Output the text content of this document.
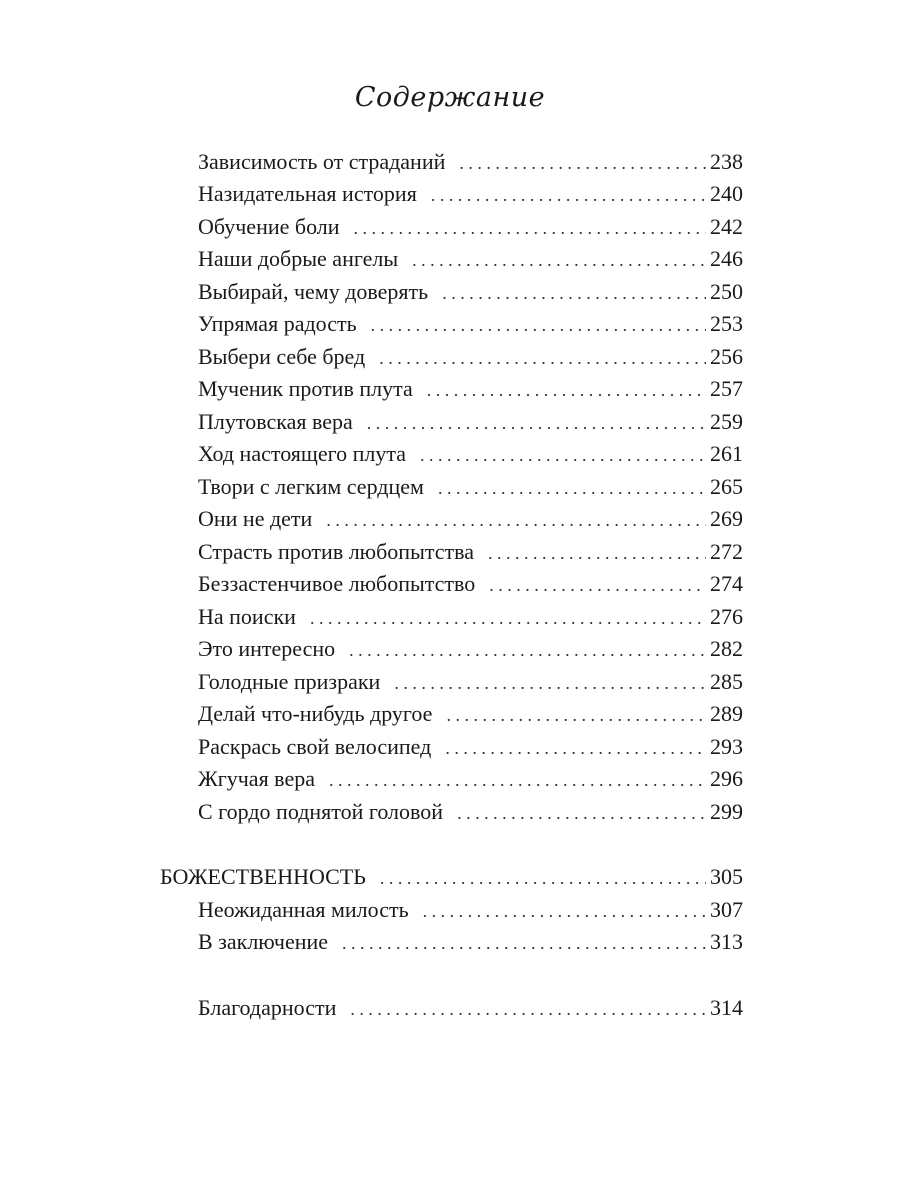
Содержание
Зависимость от страданий . . .	238
Назидательная история . . .	240
Обучение боли . . .	242
Наши добрые ангелы . . .	246
Выбирай, чему доверять . . .	250
Упрямая радость . . .	253
Выбери себе бред . . .	256
Мученик против плута . . .	257
Плутовская вера . . .	259
Ход настоящего плута . . .	261
Твори с легким сердцем . . .	265
Они не дети . . .	269
Страсть против любопытства . . .	272
Беззастенчивое любопытство . . .	274
На поиски . . .	276
Это интересно . . .	282
Голодные призраки . . .	285
Делай что-нибудь другое . . .	289
Раскрась свой велосипед . . .	293
Жгучая вера . . .	296
С гордо поднятой головой . . .	299
БОЖЕСТВЕННОСТЬ . . .	305
Неожиданная милость . . .	307
В заключение . . .	313
Благодарности . . .	314
